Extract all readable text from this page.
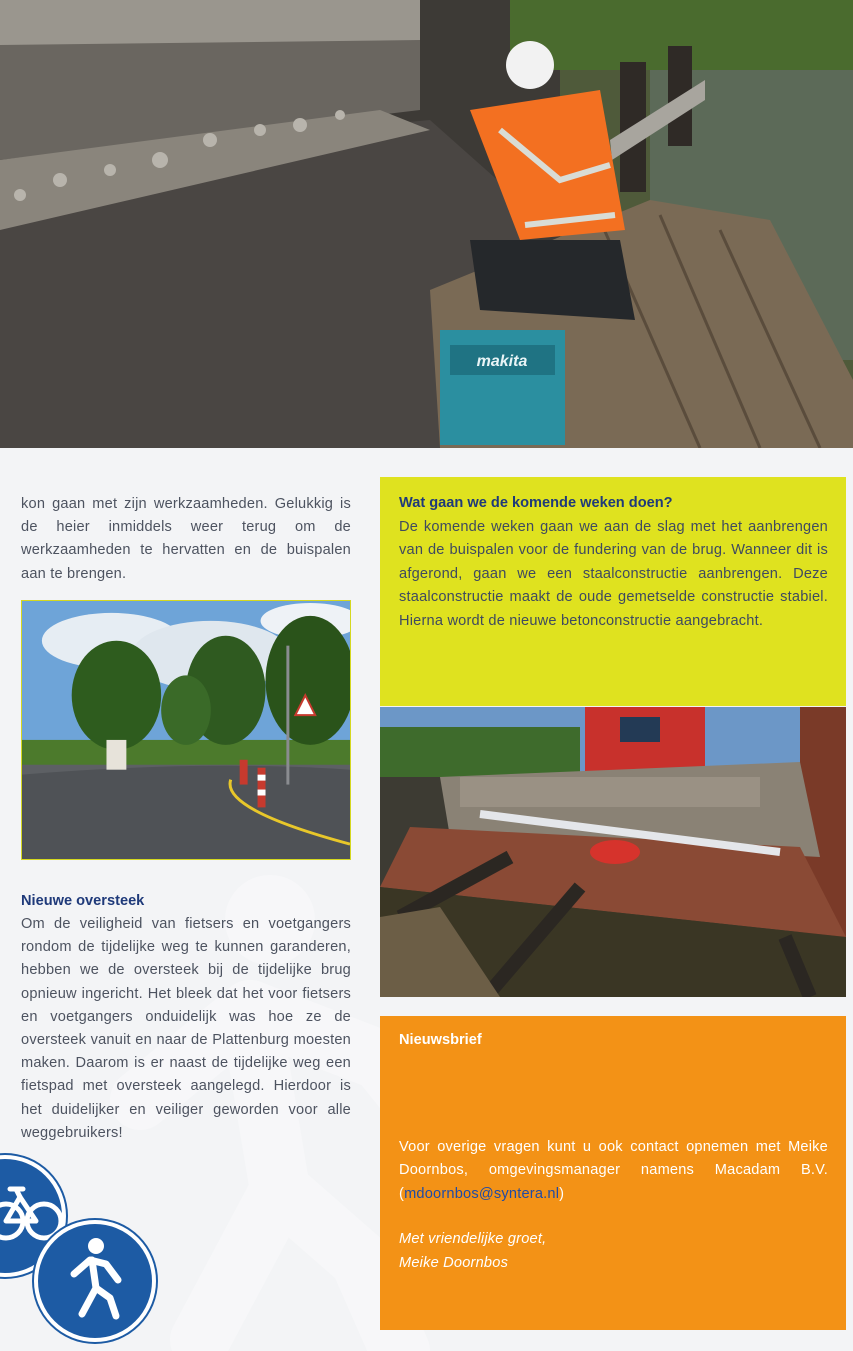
makita

kon gaan met zijn werkzaamheden. Gelukkig is de heier inmiddels weer terug om de werkzaamheden te hervatten en de buispalen aan te brengen.

Nieuwe oversteek

Om de veiligheid van fietsers en voetgangers rondom de tijdelijke weg te kunnen garanderen, hebben we de oversteek bij de tijdelijke brug opnieuw ingericht. Het bleek dat het voor fietsers en voetgangers onduidelijk was hoe ze de oversteek vanuit en naar de Plattenburg moesten maken. Daarom is er naast de tijdelijke weg een fietspad met oversteek aangelegd. Hierdoor is het duidelijker en veiliger geworden voor alle weggebruikers!

Wat gaan we de komende weken doen?

De komende weken gaan we aan de slag met het aanbrengen van de buispalen voor de fundering van de brug. Wanneer dit is afgerond, gaan we een staalconstructie aanbrengen. Deze staalconstructie maakt de oude gemetselde constructie stabiel. Hierna wordt de nieuwe betonconstructie aangebracht.

Nieuwsbrief

Voor overige vragen kunt u ook contact opnemen met Meike Doornbos, omgevingsmanager namens Macadam B.V. (mdoornbos@syntera.nl)

Met vriendelijke groet,

Meike Doornbos
